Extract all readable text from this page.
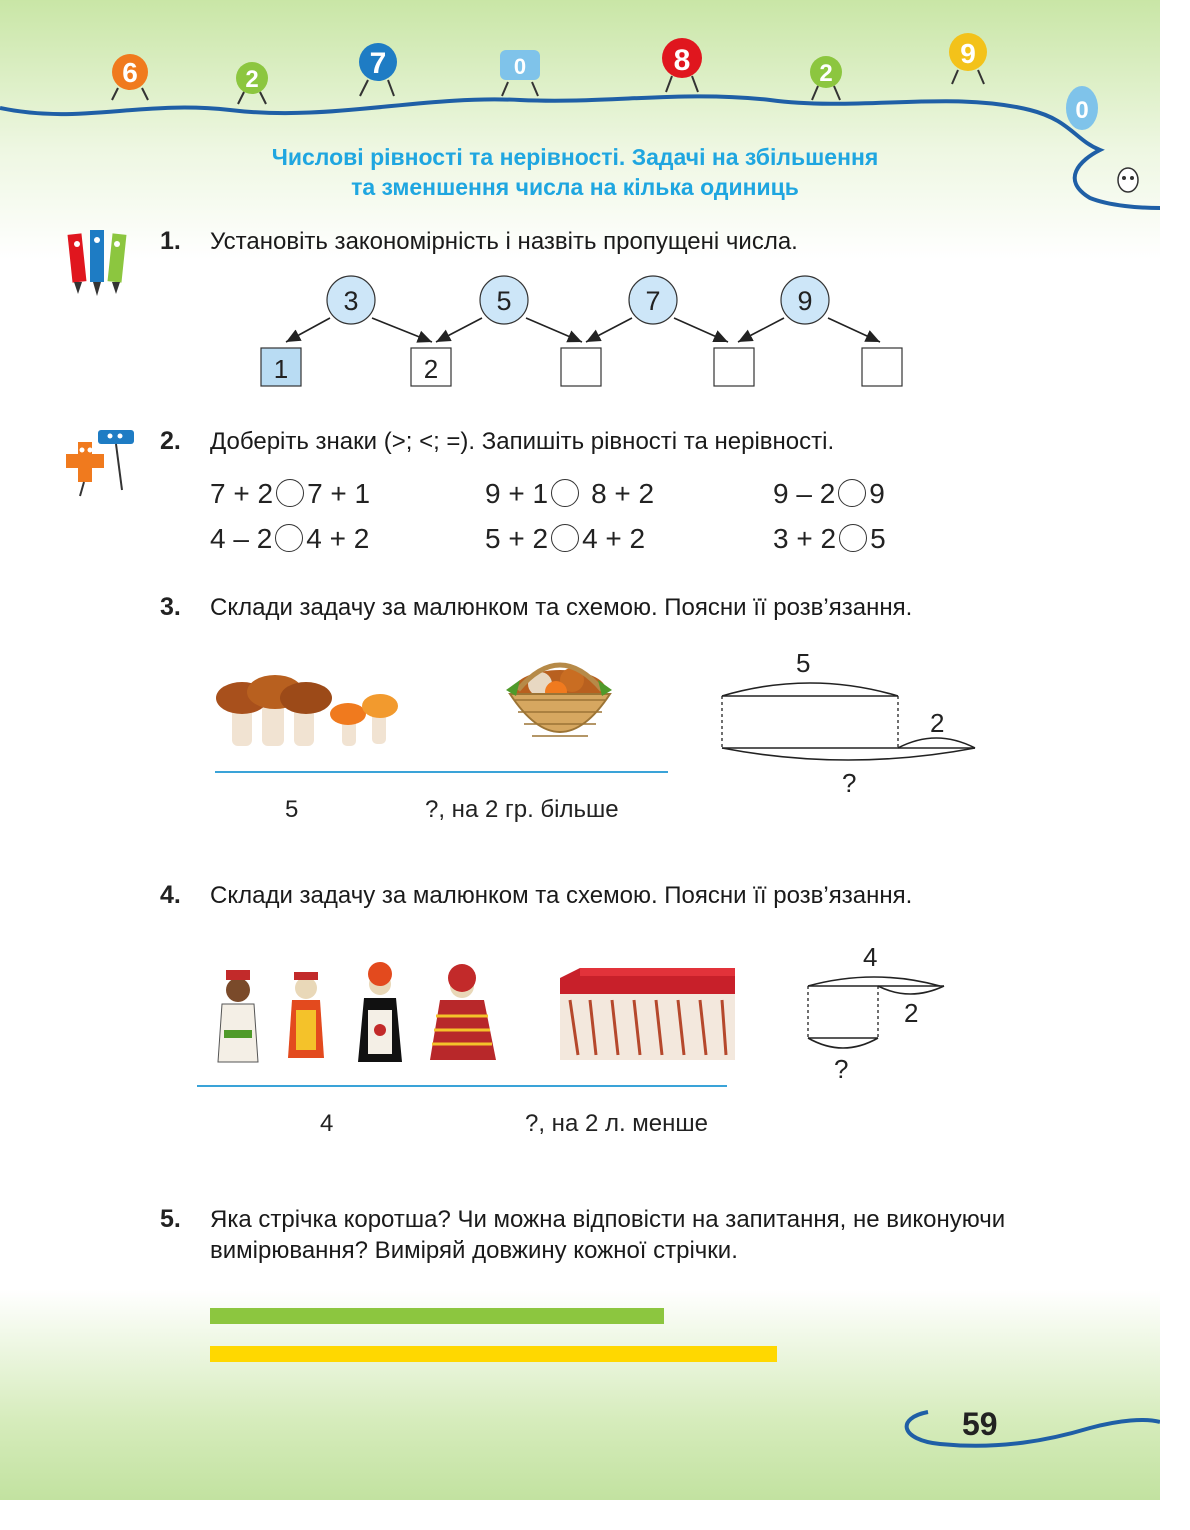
6	2	7	0	8	2
9
0
Числові рівності та нерівності. Задачі на збільшення
та зменшення числа на кілька одиниць
1. Установіть закономірність і назвіть пропущені числа.
3	5	7	9
1	2
2. Доберіть знаки (>; <; =). Запишіть рівності та нерівності.
7 + 2 7 + 1	9 + 1 8 + 2	9 – 2 9
4 – 2 4 + 2	5 + 2 4 + 2	3 + 2 5
3. Склади задачу за малюнком та схемою. Поясни її розв’язання.
5
2
?
5	?, на 2 гр. більше
4. Склади задачу за малюнком та схемою. Поясни її розв’язання.
4
2
?
4	?, на 2 л. менше
5. Яка стрічка коротша? Чи можна відповісти на запитання, не виконуючи вимірювання? Виміряй довжину кожної стрічки.
59
